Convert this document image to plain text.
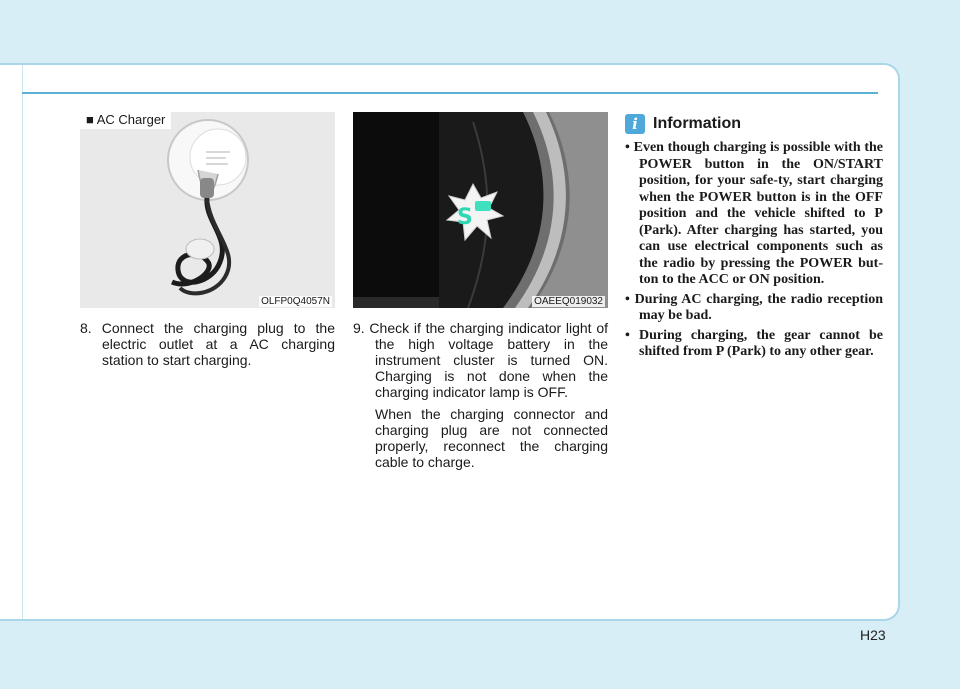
■ AC Charger
OLFP0Q4057N

8. Connect the charging plug to the electric outlet at a AC charging station to start charging.

S
OAEEQ019032

9. Check if the charging indicator light of the high voltage battery in the instrument cluster is turned ON. Charging is not done when the charging indicator lamp is OFF.

When the charging connector and charging plug are not connected properly, reconnect the charging cable to charge.

i Information
• Even though charging is possible with the POWER button in the ON/START position, for your safe-ty, start charging when the POWER button is in the OFF position and the vehicle shifted to P (Park). After charging has started, you can use electrical components such as the radio by pressing the POWER but-ton to the ACC or ON position.
• During AC charging, the radio reception may be bad.
• During charging, the gear cannot be shifted from P (Park) to any other gear.
H23
